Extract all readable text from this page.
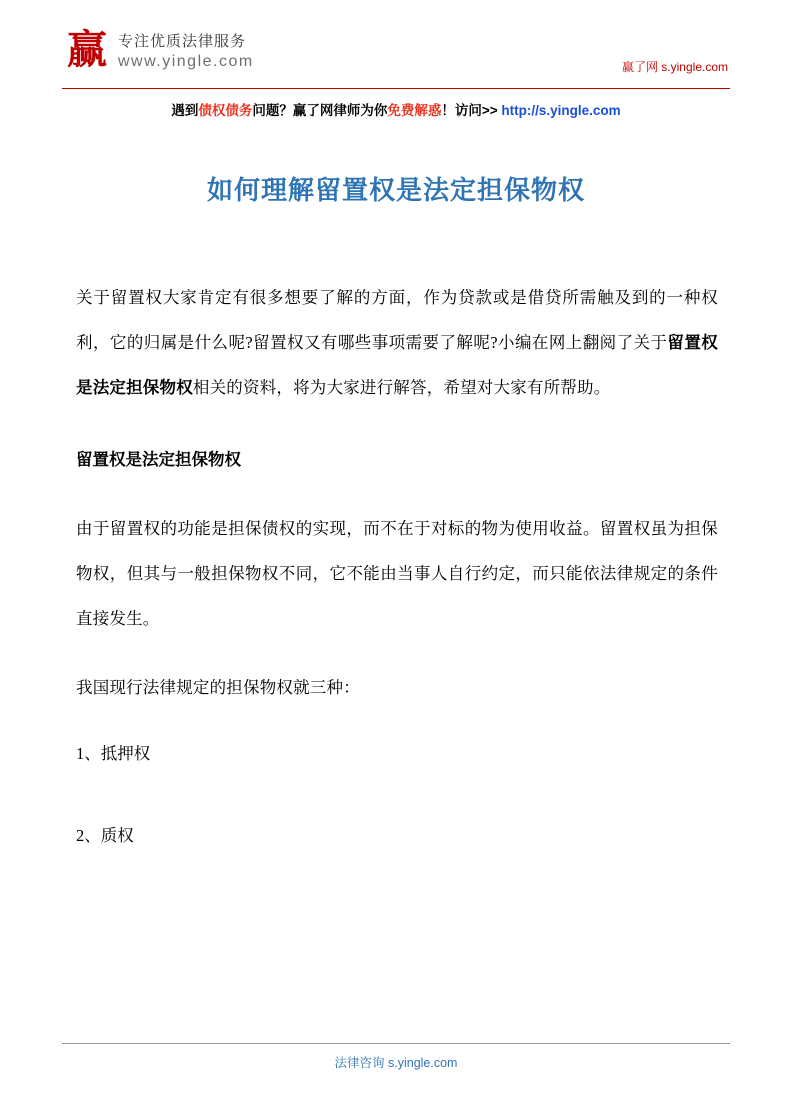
赢 专注优质法律服务
www.yingle.com	赢了网 s.yingle.com
遇到债权债务问题？赢了网律师为你免费解惑！访问>> http://s.yingle.com
如何理解留置权是法定担保物权

关于留置权大家肯定有很多想要了解的方面，作为贷款或是借贷所需触及到的一种权利，它的归属是什么呢?留置权又有哪些事项需要了解呢?小编在网上翻阅了关于留置权是法定担保物权相关的资料，将为大家进行解答，希望对大家有所帮助。

留置权是法定担保物权

由于留置权的功能是担保债权的实现，而不在于对标的物为使用收益。留置权虽为担保物权，但其与一般担保物权不同，它不能由当事人自行约定，而只能依法律规定的条件直接发生。

我国现行法律规定的担保物权就三种：

1、抵押权

2、质权

法律咨询 s.yingle.com
